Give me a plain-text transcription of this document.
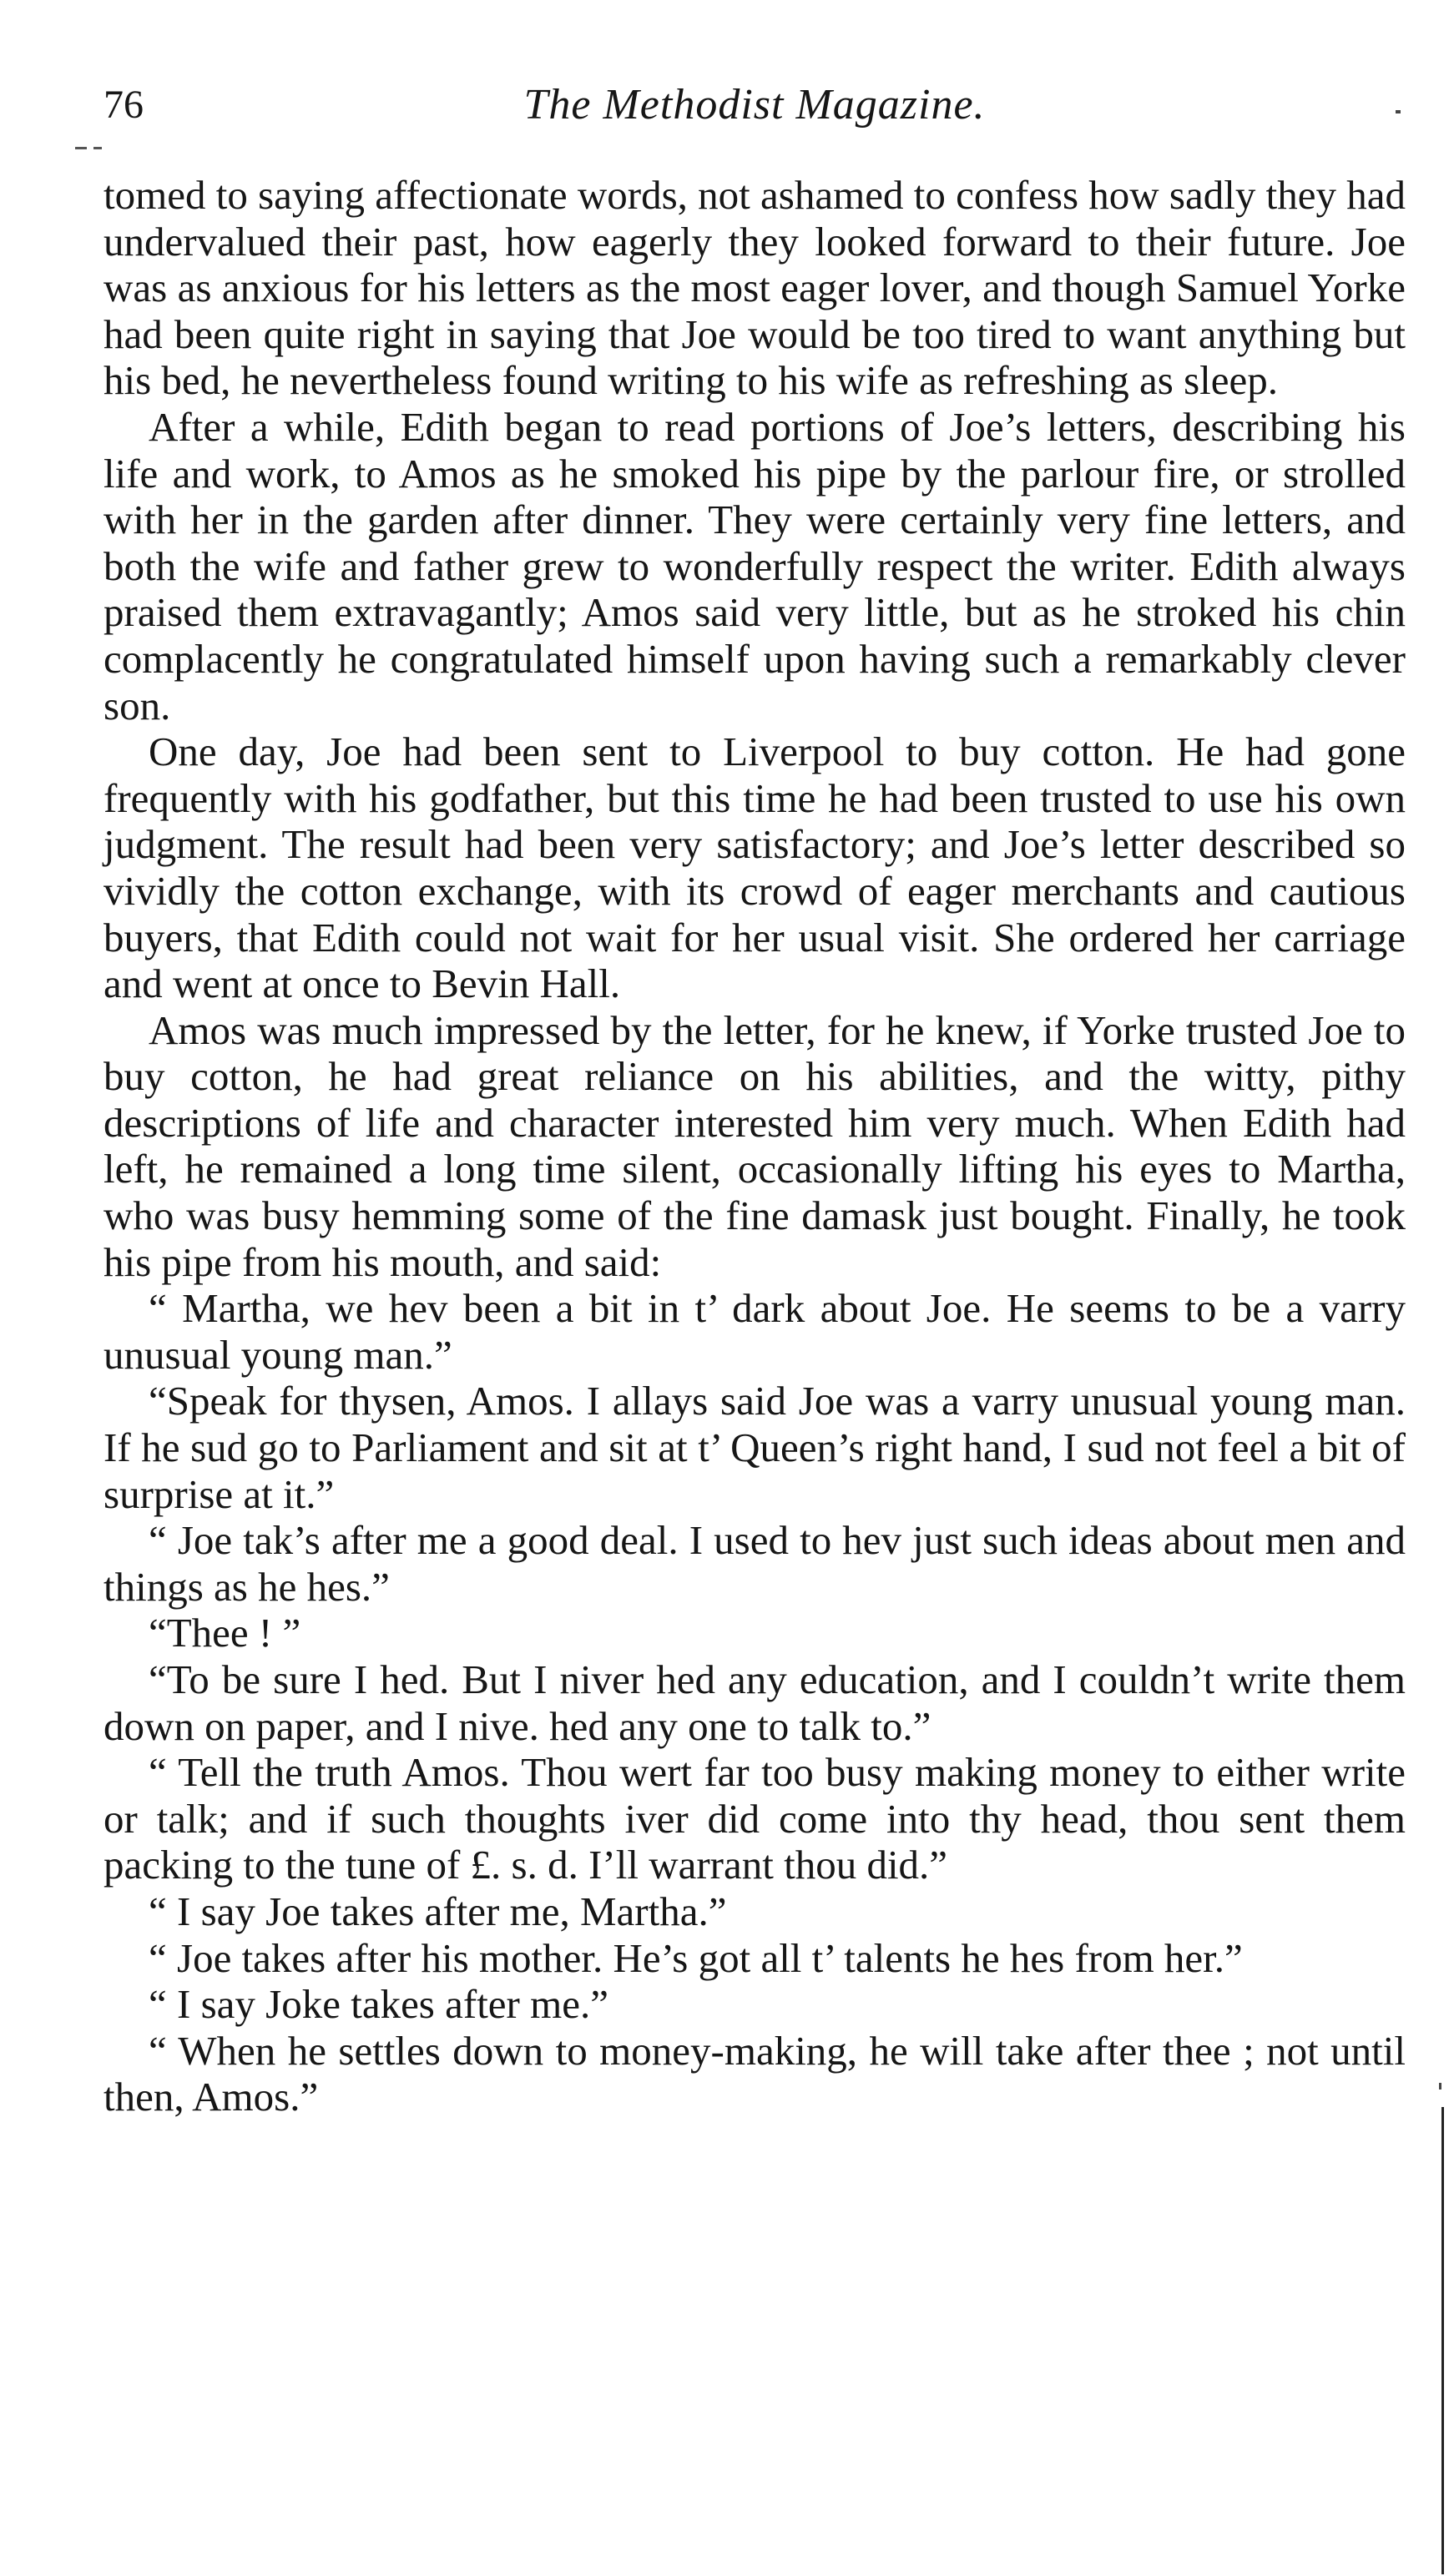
76	The Methodist Magazine.

tomed to saying affectionate words, not ashamed to confess how sadly they had undervalued their past, how eagerly they looked forward to their future. Joe was as anxious for his letters as the most eager lover, and though Samuel Yorke had been quite right in saying that Joe would be too tired to want anything but his bed, he nevertheless found writing to his wife as refreshing as sleep.

After a while, Edith began to read portions of Joe’s letters, describing his life and work, to Amos as he smoked his pipe by the parlour fire, or strolled with her in the garden after dinner. They were certainly very fine letters, and both the wife and father grew to wonderfully respect the writer. Edith always praised them extravagantly; Amos said very little, but as he stroked his chin complacently he congratulated himself upon having such a remarkably clever son.

One day, Joe had been sent to Liverpool to buy cotton. He had gone frequently with his godfather, but this time he had been trusted to use his own judgment. The result had been very satisfactory; and Joe’s letter described so vividly the cotton exchange, with its crowd of eager merchants and cautious buyers, that Edith could not wait for her usual visit. She ordered her carriage and went at once to Bevin Hall.

Amos was much impressed by the letter, for he knew, if Yorke trusted Joe to buy cotton, he had great reliance on his abilities, and the witty, pithy descriptions of life and character interested him very much. When Edith had left, he remained a long time silent, occasionally lifting his eyes to Martha, who was busy hemming some of the fine damask just bought. Finally, he took his pipe from his mouth, and said:

“ Martha, we hev been a bit in t’ dark about Joe. He seems to be a varry unusual young man.”

“Speak for thysen, Amos. I allays said Joe was a varry unusual young man. If he sud go to Parliament and sit at t’ Queen’s right hand, I sud not feel a bit of surprise at it.”

“ Joe tak’s after me a good deal. I used to hev just such ideas about men and things as he hes.”

“Thee ! ”

“To be sure I hed. But I niver hed any education, and I couldn’t write them down on paper, and I nive. hed any one to talk to.”

“ Tell the truth Amos. Thou wert far too busy making money to either write or talk; and if such thoughts iver did come into thy head, thou sent them packing to the tune of £. s. d. I’ll warrant thou did.”

“ I say Joe takes after me, Martha.”

“ Joe takes after his mother. He’s got all t’ talents he hes from her.”

“ I say Joke takes after me.”

“ When he settles down to money-making, he will take after thee ; not until then, Amos.”
